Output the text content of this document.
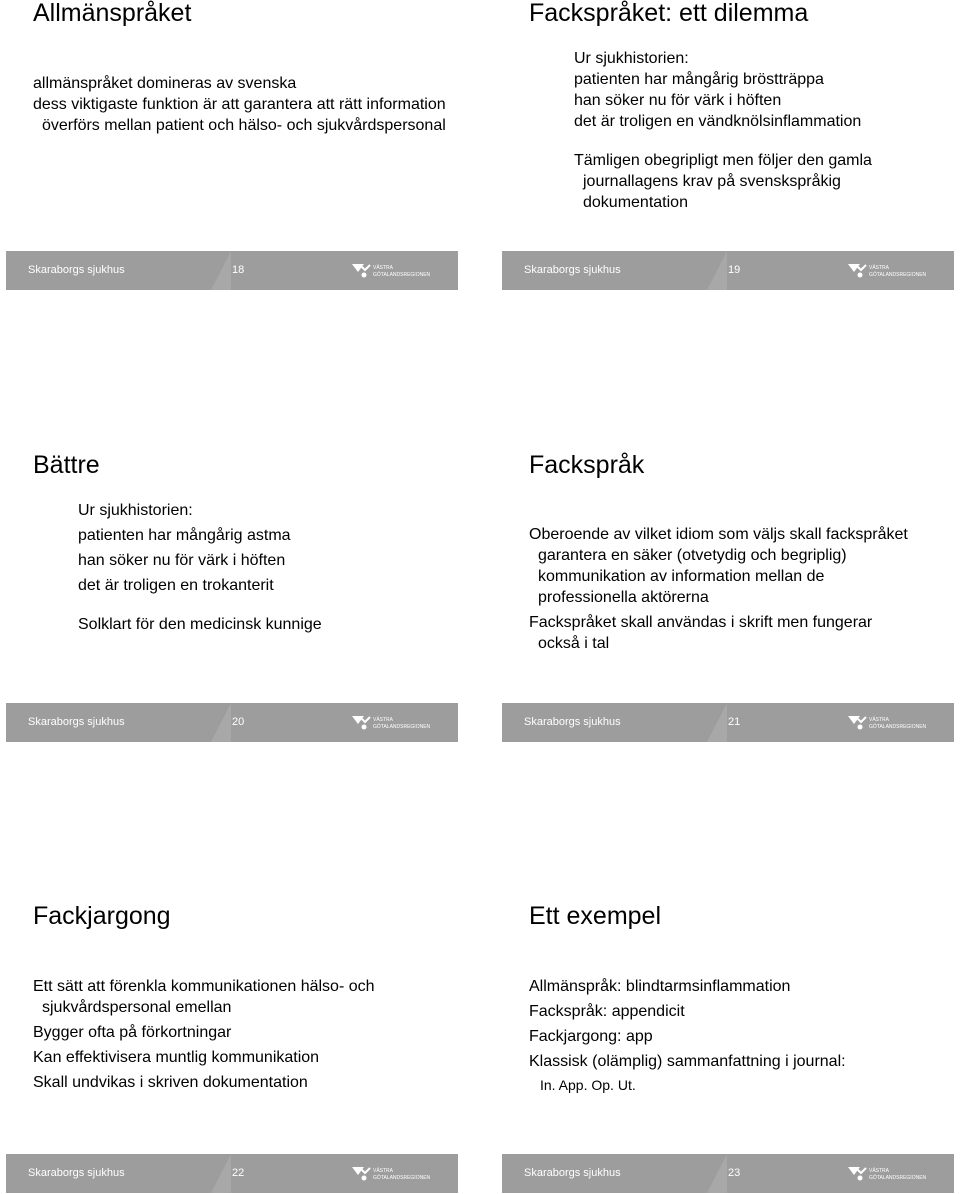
Allmänspråket
allmänspråket domineras av svenska
dess viktigaste funktion är att garantera att rätt information överförs mellan patient och hälso- och sjukvårdspersonal
Skaraborgs sjukhus	18	VÄSTRA
GÖTALANDSREGIONEN
Fackspråket: ett dilemma
Ur sjukhistorien:
patienten har mångårig bröstträppa
han söker nu för värk i höften
det är troligen en vändknölsinflammation
Tämligen obegripligt men följer den gamla journallagens krav på svenskspråkig dokumentation
Skaraborgs sjukhus	19	VÄSTRA
GÖTALANDSREGIONEN
Bättre
Ur sjukhistorien:
patienten har mångårig astma
han söker nu för värk i höften
det är troligen en trokanterit
Solklart för den medicinsk kunnige
Skaraborgs sjukhus	20	VÄSTRA
GÖTALANDSREGIONEN
Fackspråk
Oberoende av vilket idiom som väljs skall fackspråket garantera en säker (otvetydig och begriplig) kommunikation av information mellan de professionella aktörerna
Fackspråket skall användas i skrift men fungerar också i tal
Skaraborgs sjukhus	21	VÄSTRA
GÖTALANDSREGIONEN
Fackjargong
Ett sätt att förenkla kommunikationen hälso- och sjukvårdspersonal emellan
Bygger ofta på förkortningar
Kan effektivisera muntlig kommunikation
Skall undvikas i skriven dokumentation
Skaraborgs sjukhus	22	VÄSTRA
GÖTALANDSREGIONEN
Ett exempel
Allmänspråk: blindtarmsinflammation
Fackspråk: appendicit
Fackjargong: app
Klassisk (olämplig) sammanfattning i journal:
In. App. Op. Ut.
Skaraborgs sjukhus	23	VÄSTRA
GÖTALANDSREGIONEN
